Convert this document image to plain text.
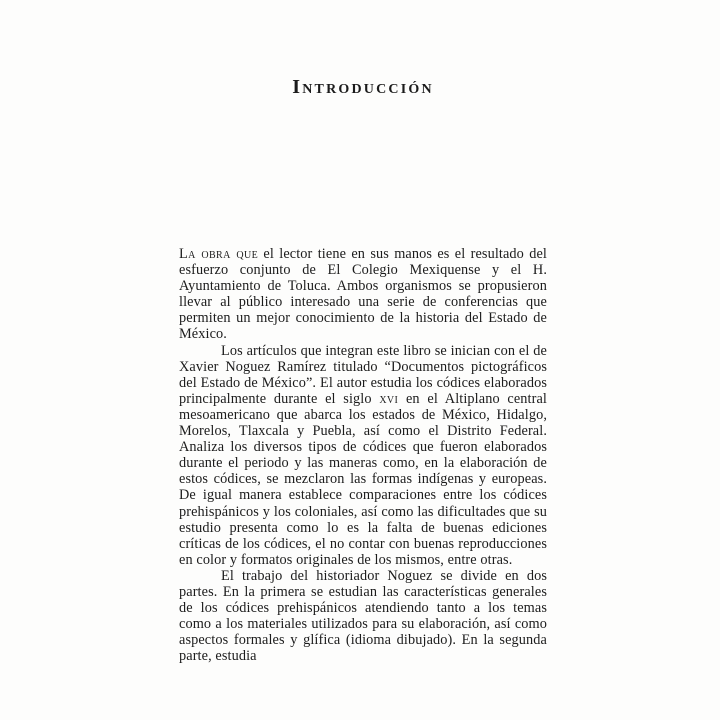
Introducción

La obra que el lector tiene en sus manos es el resultado del esfuerzo conjunto de El Colegio Mexiquense y el H. Ayuntamiento de Toluca. Ambos organismos se propusieron llevar al público interesado una serie de conferencias que permiten un mejor conocimiento de la historia del Estado de México.

Los artículos que integran este libro se inician con el de Xavier Noguez Ramírez titulado “Documentos pictográficos del Estado de México”. El autor estudia los códices elaborados principalmente durante el siglo xvi en el Altiplano central mesoamericano que abarca los estados de México, Hidalgo, Morelos, Tlaxcala y Puebla, así como el Distrito Federal. Analiza los diversos tipos de códices que fueron elaborados durante el periodo y las maneras como, en la elaboración de estos códices, se mezclaron las formas indígenas y europeas. De igual manera establece comparaciones entre los códices prehispánicos y los coloniales, así como las dificultades que su estudio presenta como lo es la falta de buenas ediciones críticas de los códices, el no contar con buenas reproducciones en color y formatos originales de los mismos, entre otras.

El trabajo del historiador Noguez se divide en dos partes. En la primera se estudian las características generales de los códices prehispánicos atendiendo tanto a los temas como a los materiales utilizados para su elaboración, así como aspectos formales y glífica (idioma dibujado). En la segunda parte, estudia
